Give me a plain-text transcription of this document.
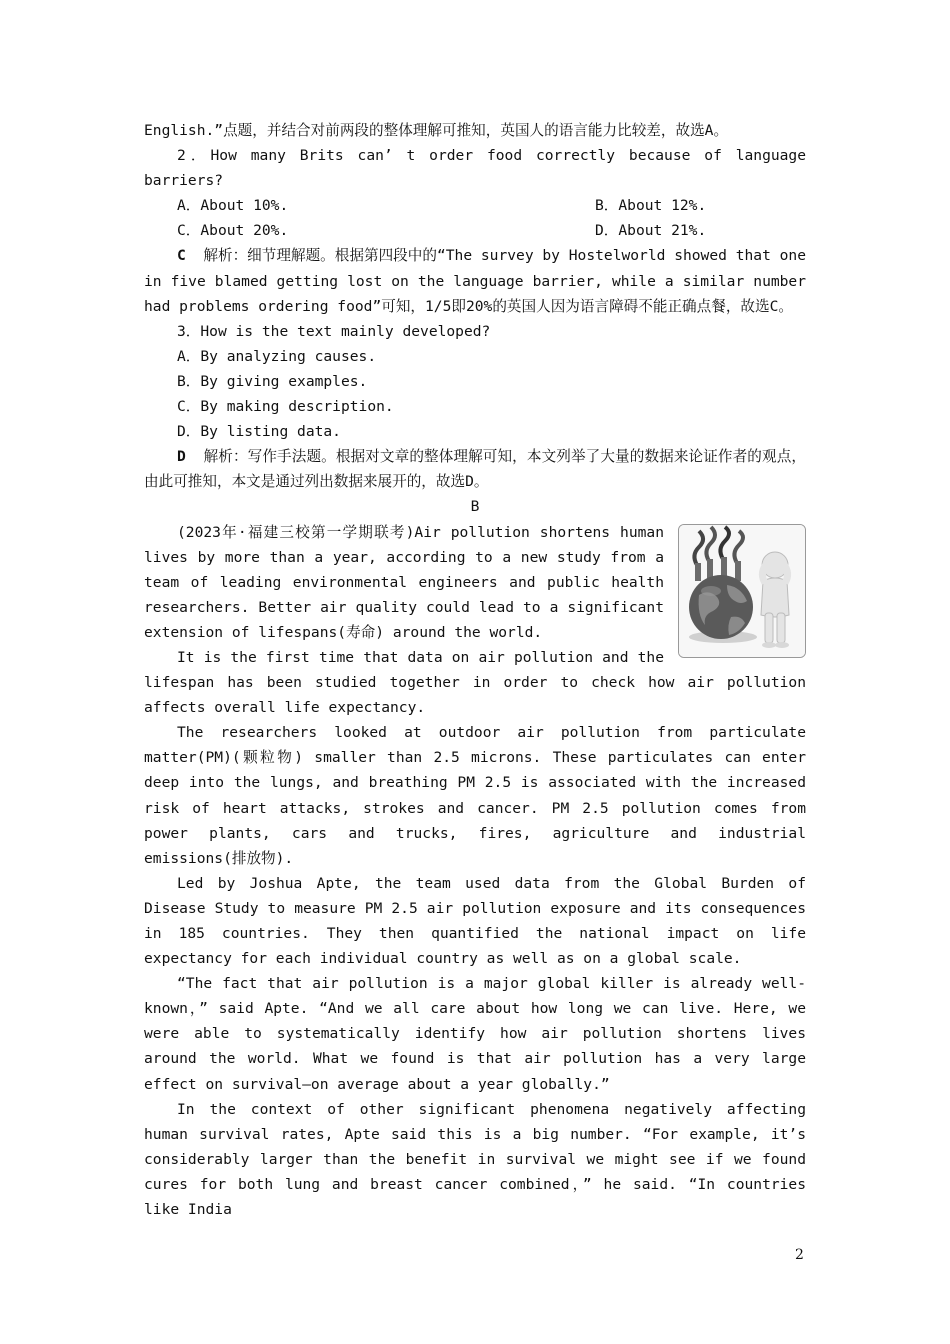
English.”点题，并结合对前两段的整体理解可推知，英国人的语言能力比较差，故选A。

2．How many Brits can’ t order food correctly because of language barriers?

A．About 10%.	B．About 12%.
C．About 20%.	D．About 21%.

C 解析：细节理解题。根据第四段中的“The survey by Hostelworld showed that one in five blamed getting lost on the language barrier, while a similar number had problems ordering food”可知，1/5即20%的英国人因为语言障碍不能正确点餐，故选C。

3．How is the text mainly developed?

A．By analyzing causes.

B．By giving examples.

C．By making description.

D．By listing data.

D 解析：写作手法题。根据对文章的整体理解可知，本文列举了大量的数据来论证作者的观点，由此可推知，本文是通过列出数据来展开的，故选D。

B

(2023年·福建三校第一学期联考)Air pollution shortens human lives by more than a year, according to a new study from a team of leading environmental engineers and public health researchers. Better air quality could lead to a significant extension of lifespans(寿命) around the world.

It is the first time that data on air pollution and the lifespan has been studied together in order to check how air pollution affects overall life expectancy.

The researchers looked at outdoor air pollution from particulate matter(PM)(颗粒物) smaller than 2.5 microns. These particulates can enter deep into the lungs, and breathing PM 2.5 is associated with the increased risk of heart attacks, strokes and cancer. PM 2.5 pollution comes from power plants, cars and trucks, fires, agriculture and industrial emissions(排放物).

Led by Joshua Apte, the team used data from the Global Burden of Disease Study to measure PM 2.5 air pollution exposure and its consequences in 185 countries. They then quantified the national impact on life expectancy for each individual country as well as on a global scale.

“The fact that air pollution is a major global killer is already well-known，” said Apte. “And we all care about how long we can live. Here, we were able to systematically identify how air pollution shortens lives around the world. What we found is that air pollution has a very large effect on survival—on average about a year globally.”

In the context of other significant phenomena negatively affecting human survival rates, Apte said this is a big number. “For example, it’s considerably larger than the benefit in survival we might see if we found cures for both lung and breast cancer combined，” he said. “In countries like India

2
